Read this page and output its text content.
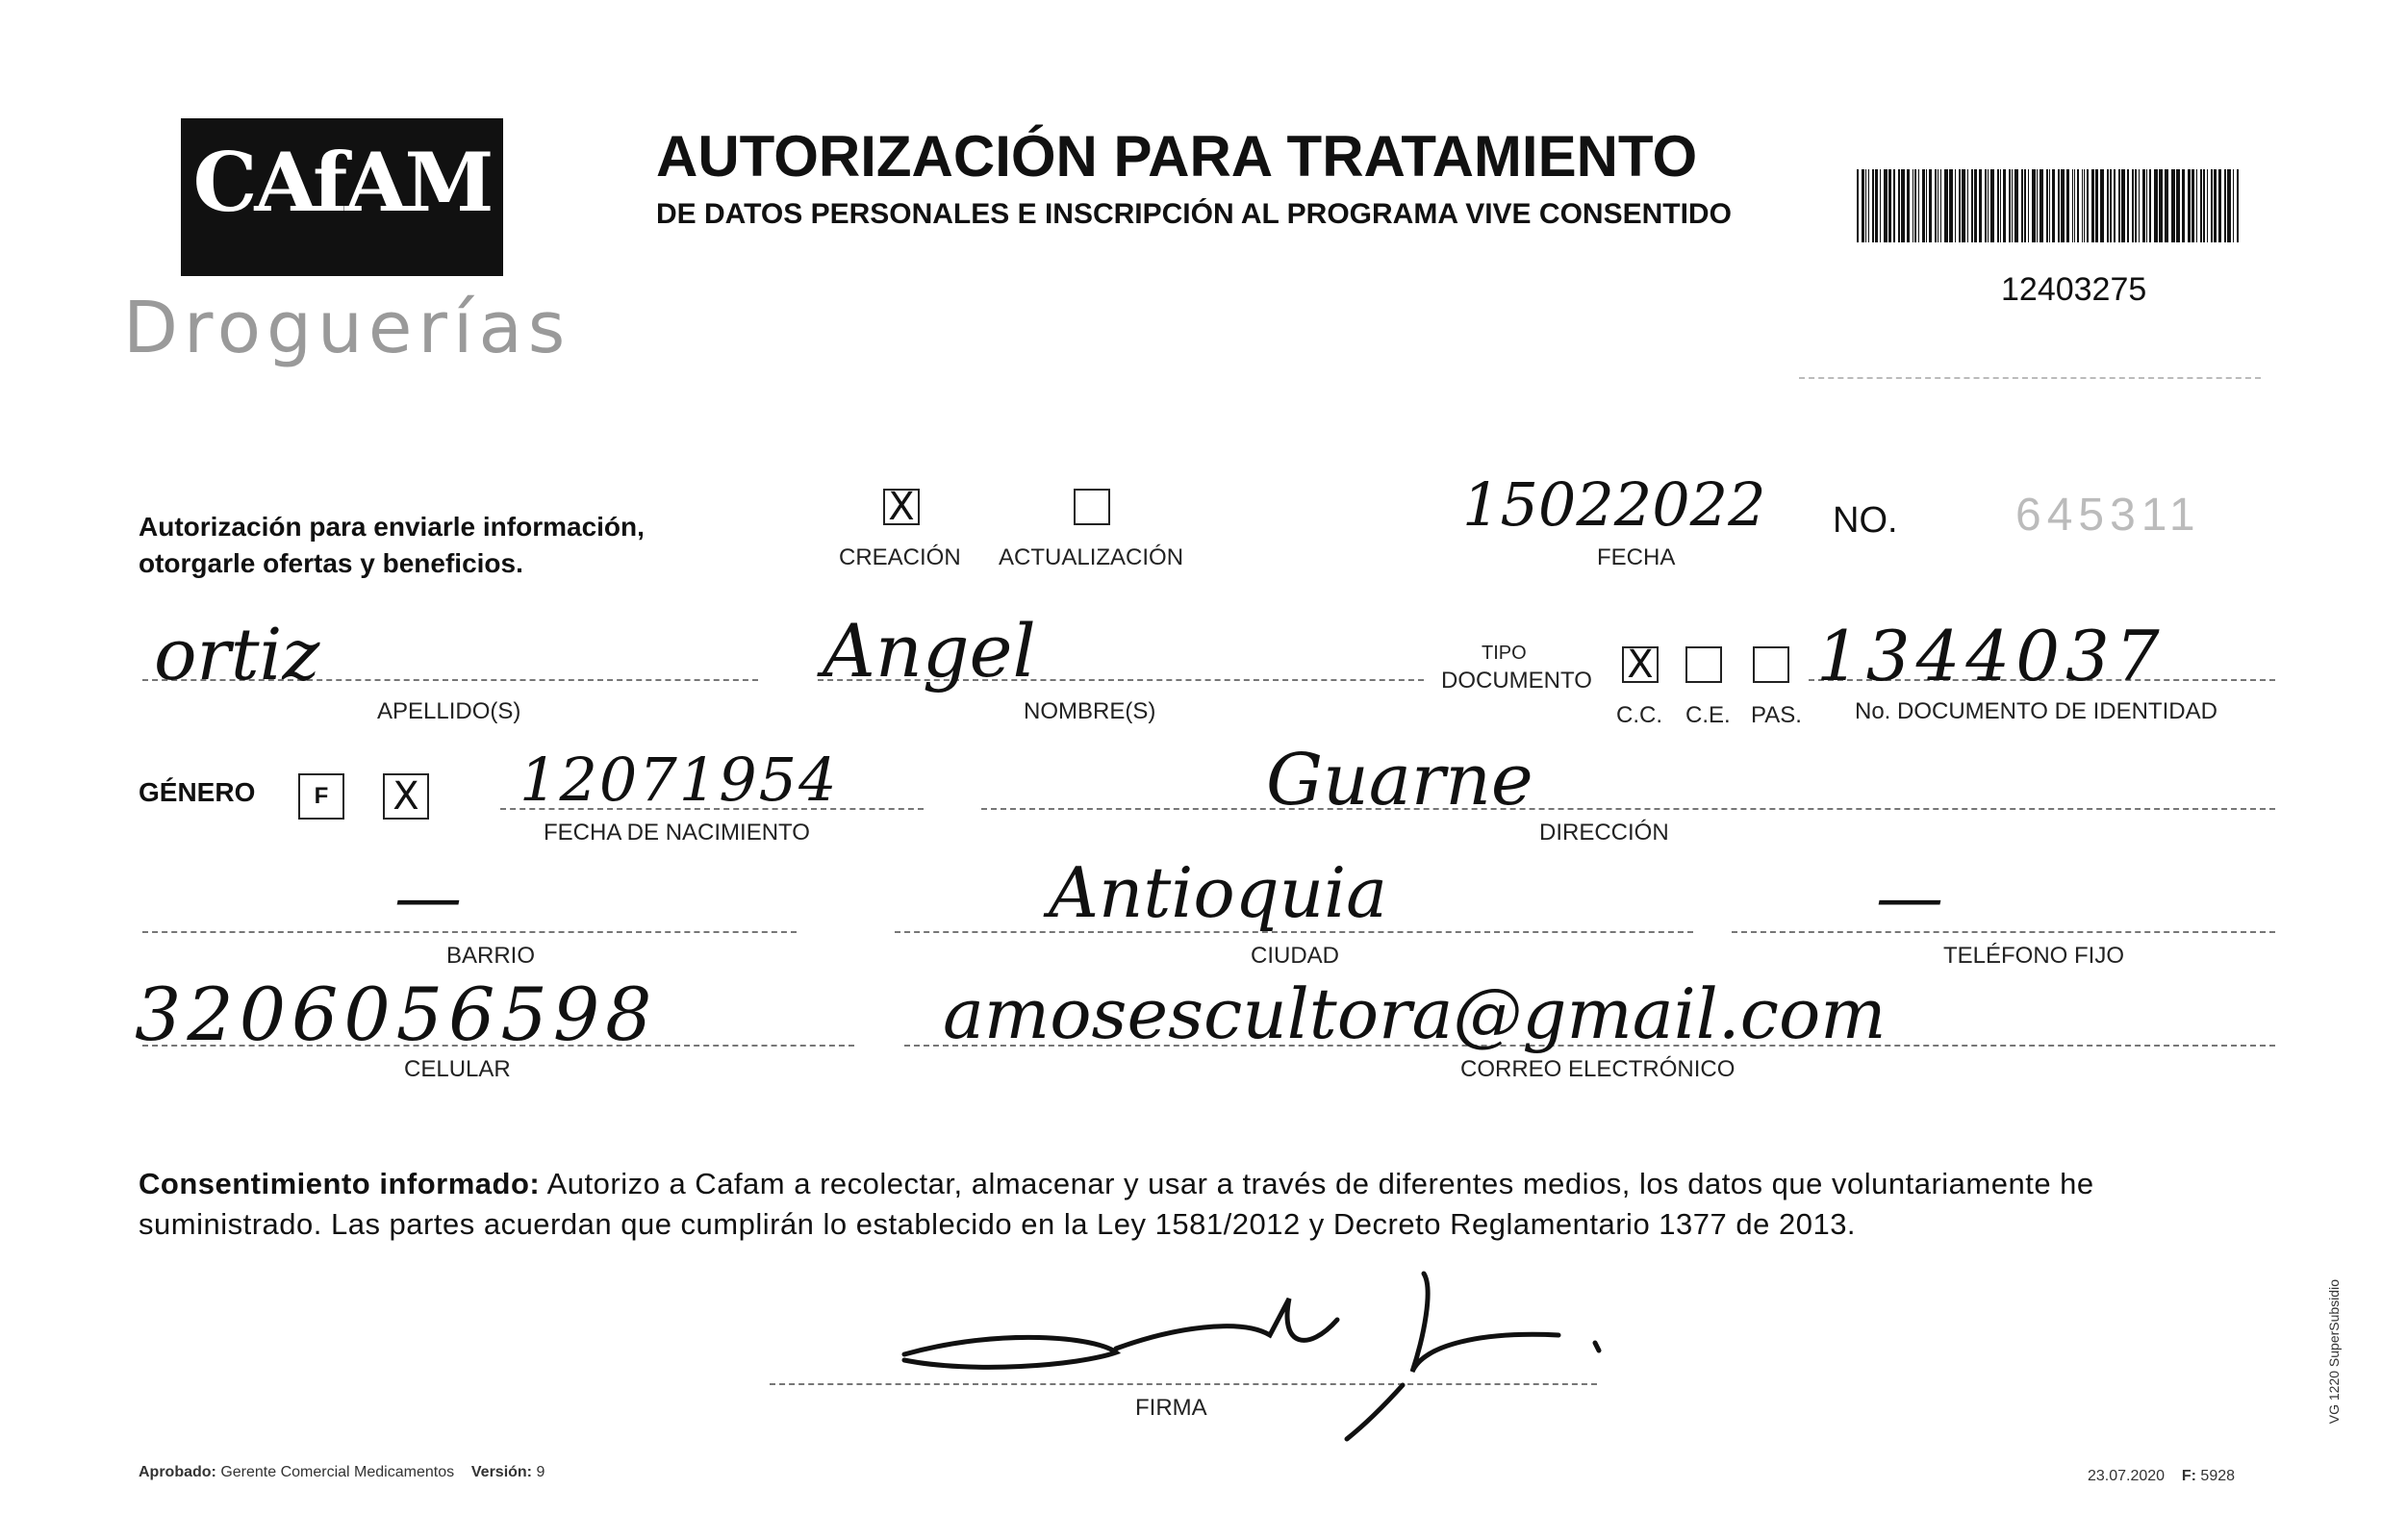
CAfAM
Droguerías
AUTORIZACIÓN PARA TRATAMIENTO
DE DATOS PERSONALES E INSCRIPCIÓN AL PROGRAMA VIVE CONSENTIDO
12403275
Autorización para enviarle información,
otorgarle ofertas y beneficios.
X
CREACIÓN ACTUALIZACIÓN
15022022
FECHA
NO.	645311
ortiz
APELLIDO(S)
Angel
NOMBRE(S)
TIPO
DOCUMENTO X
C.C. C.E. PAS.
1344037
No. DOCUMENTO DE IDENTIDAD
GÉNERO	F	X 12071954
FECHA DE NACIMIENTO
Guarne
DIRECCIÓN
—
BARRIO
Antioquia
CIUDAD
—
TELÉFONO FIJO
3206056598
CELULAR
amosescultora@gmail.com
CORREO ELECTRÓNICO
Consentimiento informado: Autorizo a Cafam a recolectar, almacenar y usar a través de diferentes medios, los datos que voluntariamente he suministrado. Las partes acuerdan que cumplirán lo establecido en la Ley 1581/2012 y Decreto Reglamentario 1377 de 2013.
FIRMA
Aprobado: Gerente Comercial Medicamentos Versión: 9	23.07.2020 F: 5928
VG 1220 SuperSubsidio
